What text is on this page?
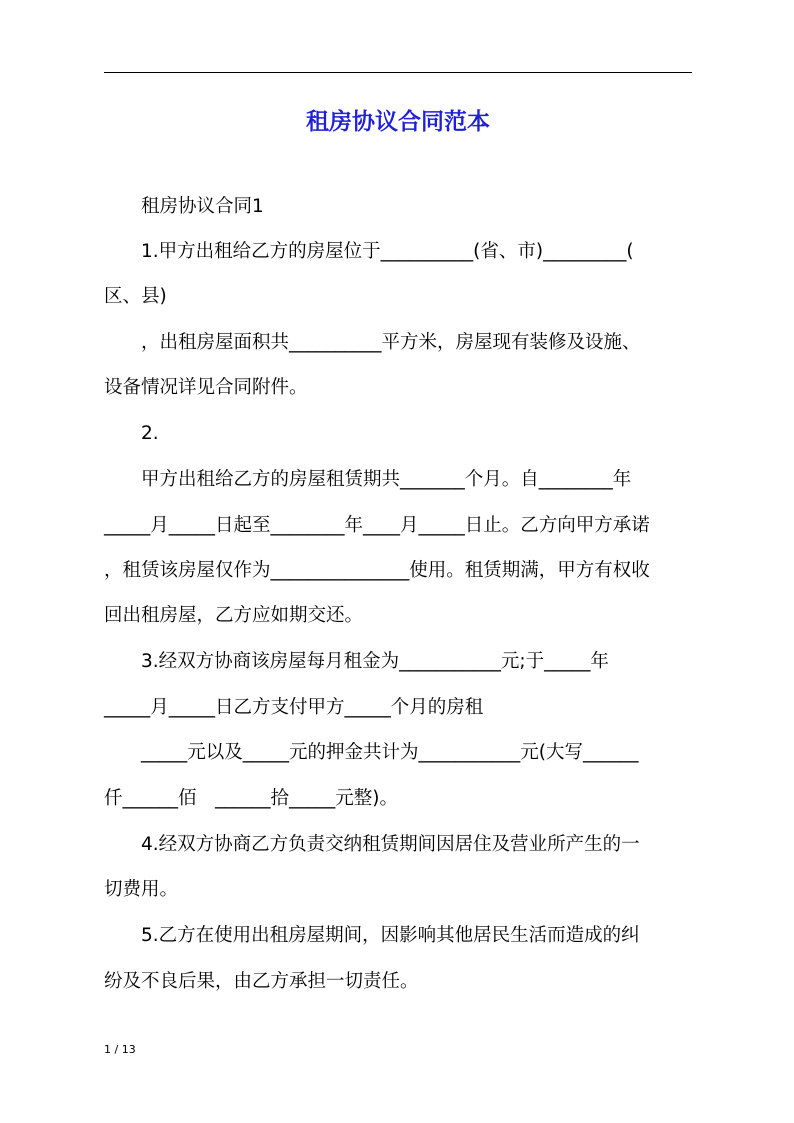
租房协议合同范本

　　租房协议合同1

　　1.甲方出租给乙方的房屋位于__________(省、市)_________(

区、县)

　　，出租房屋面积共__________平方米，房屋现有装修及设施、

设备情况详见合同附件。

　　2.

　　甲方出租给乙方的房屋租赁期共_______个月。自________年

_____月_____日起至________年____月_____日止。乙方向甲方承诺

，租赁该房屋仅作为_______________使用。租赁期满，甲方有权收

回出租房屋，乙方应如期交还。

　　3.经双方协商该房屋每月租金为___________元;于_____年

_____月_____日乙方支付甲方_____个月的房租

　　_____元以及_____元的押金共计为___________元(大写______

仟______佰　______拾_____元整)。

　　4.经双方协商乙方负责交纳租赁期间因居住及营业所产生的一

切费用。

　　5.乙方在使用出租房屋期间，因影响其他居民生活而造成的纠

纷及不良后果，由乙方承担一切责任。

1 / 13
